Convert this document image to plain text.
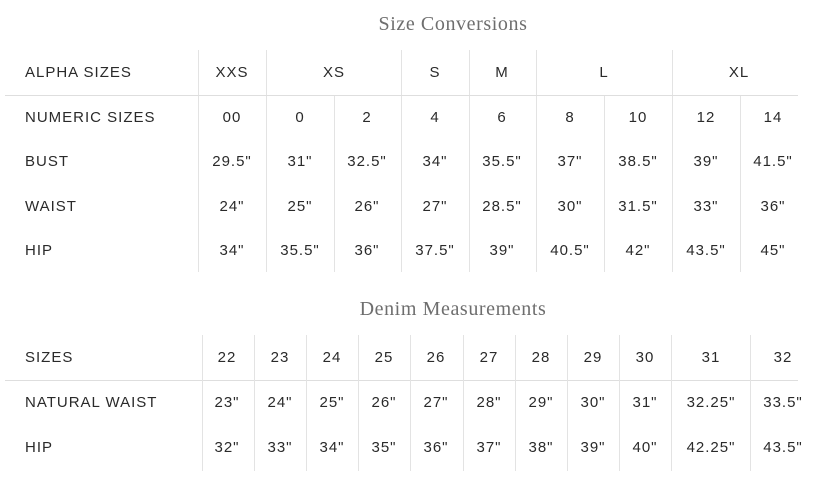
Size Conversions
ALPHA SIZES	XXS	XS	S	M	L	XL
NUMERIC SIZES	00	0	2	4	6	8	10	12	14
BUST	29.5" 31" 32.5" 34" 35.5" 37" 38.5" 39" 41.5"
WAIST	24"	25"	26"	27" 28.5" 30" 31.5" 33"	36"
HIP	34" 35.5" 36" 37.5" 39" 40.5" 42" 43.5" 45"
Denim Measurements
SIZES	22 23 24 25 26 27 28 29 30	31	32
NATURAL WAIST	23" 24" 25" 26" 27" 28" 29" 30" 31" 32.25" 33.5"
HIP	32" 33" 34" 35" 36" 37" 38" 39" 40" 42.25" 43.5"
